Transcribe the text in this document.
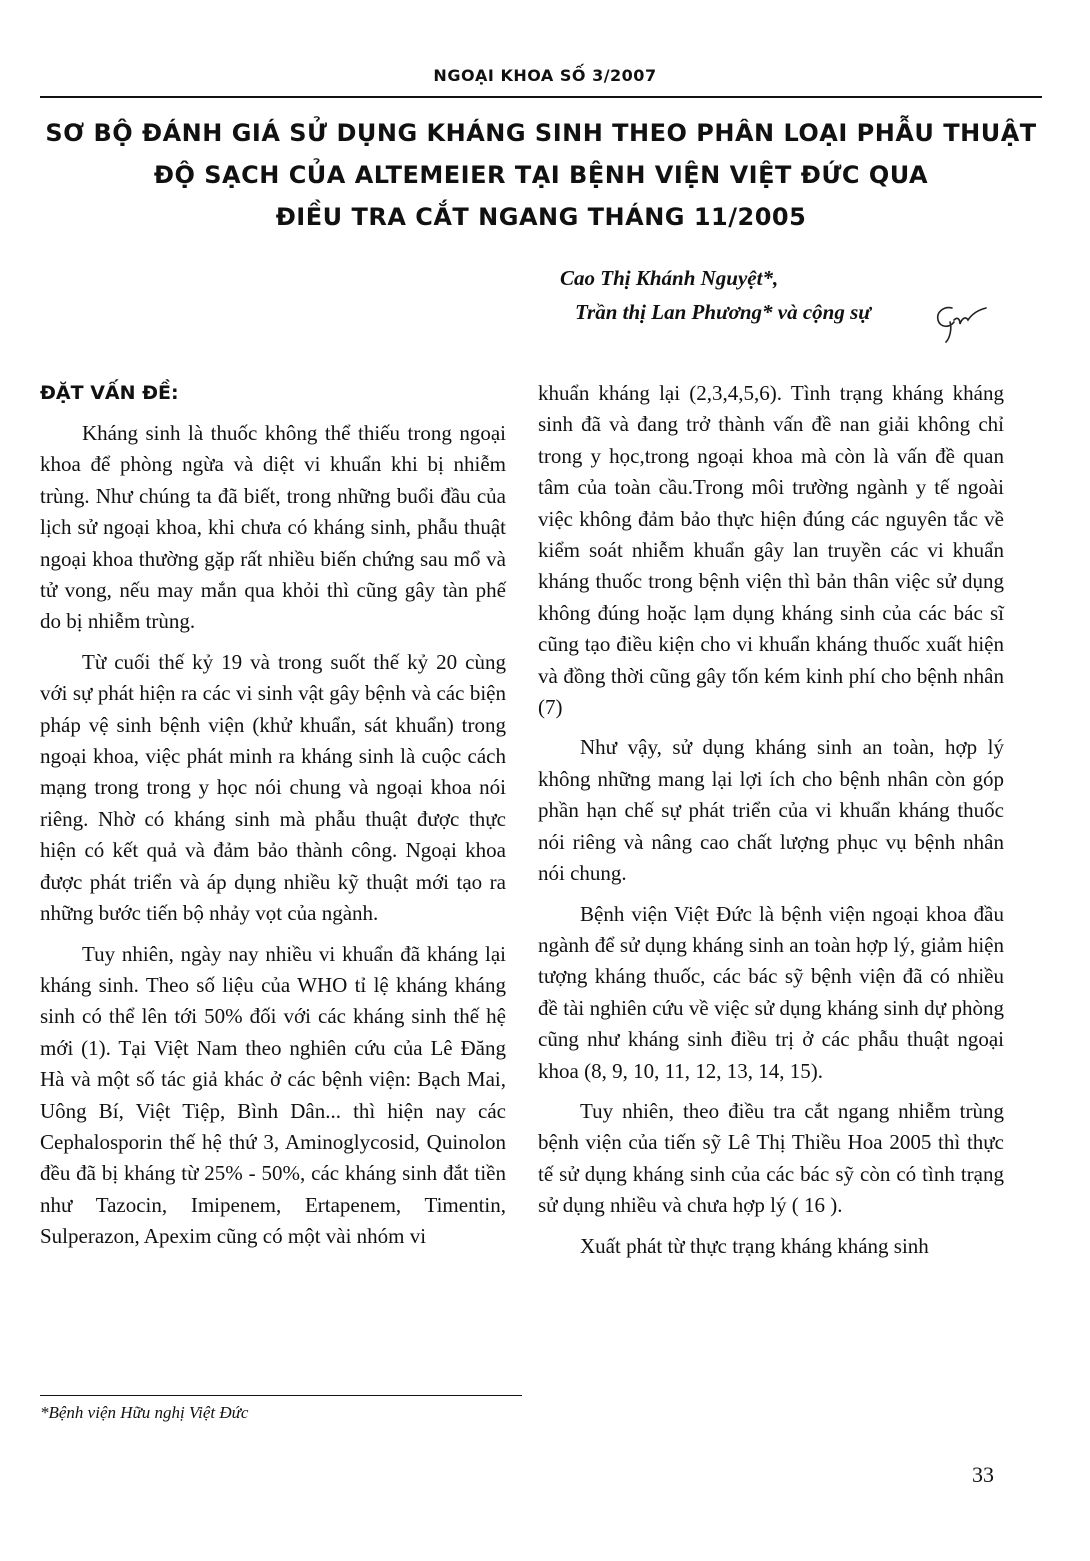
NGOẠI KHOA SỐ 3/2007
SƠ BỘ ĐÁNH GIÁ SỬ DỤNG KHÁNG SINH THEO PHÂN LOẠI PHẪU THUẬT
ĐỘ SẠCH CỦA ALTEMEIER TẠI BỆNH VIỆN VIỆT ĐỨC QUA
ĐIỀU TRA CẮT NGANG THÁNG 11/2005
Cao Thị Khánh Nguyệt*,
Trần thị Lan Phương* và cộng sự

ĐẶT VẤN ĐỀ:

Kháng sinh là thuốc không thể thiếu trong ngoại khoa để phòng ngừa và diệt vi khuẩn khi bị nhiễm trùng. Như chúng ta đã biết, trong những buổi đầu của lịch sử ngoại khoa, khi chưa có kháng sinh, phẫu thuật ngoại khoa thường gặp rất nhiều biến chứng sau mổ và tử vong, nếu may mắn qua khỏi thì cũng gây tàn phế do bị nhiễm trùng.

Từ cuối thế kỷ 19 và trong suốt thế kỷ 20 cùng với sự phát hiện ra các vi sinh vật gây bệnh và các biện pháp vệ sinh bệnh viện (khử khuẩn, sát khuẩn) trong ngoại khoa, việc phát minh ra kháng sinh là cuộc cách mạng trong trong y học nói chung và ngoại khoa nói riêng. Nhờ có kháng sinh mà phẫu thuật được thực hiện có kết quả và đảm bảo thành công. Ngoại khoa được phát triển và áp dụng nhiều kỹ thuật mới tạo ra những bước tiến bộ nhảy vọt của ngành.

Tuy nhiên, ngày nay nhiều vi khuẩn đã kháng lại kháng sinh. Theo số liệu của WHO tỉ lệ kháng kháng sinh có thể lên tới 50% đối với các kháng sinh thế hệ mới (1). Tại Việt Nam theo nghiên cứu của Lê Đăng Hà và một số tác giả khác ở các bệnh viện: Bạch Mai, Uông Bí, Việt Tiệp, Bình Dân... thì hiện nay các Cephalosporin thế hệ thứ 3, Aminoglycosid, Quinolon đều đã bị kháng từ 25% - 50%, các kháng sinh đắt tiền như Tazocin, Imipenem, Ertapenem, Timentin, Sulperazon, Apexim cũng có một vài nhóm vi

khuẩn kháng lại (2,3,4,5,6). Tình trạng kháng kháng sinh đã và đang trở thành vấn đề nan giải không chỉ trong y học,trong ngoại khoa mà còn là vấn đề quan tâm của toàn cầu.Trong môi trường ngành y tế ngoài việc không đảm bảo thực hiện đúng các nguyên tắc về kiểm soát nhiễm khuẩn gây lan truyền các vi khuẩn kháng thuốc trong bệnh viện thì bản thân việc sử dụng không đúng hoặc lạm dụng kháng sinh của các bác sĩ cũng tạo điều kiện cho vi khuẩn kháng thuốc xuất hiện và đồng thời cũng gây tốn kém kinh phí cho bệnh nhân (7)

Như vậy, sử dụng kháng sinh an toàn, hợp lý không những mang lại lợi ích cho bệnh nhân còn góp phần hạn chế sự phát triển của vi khuẩn kháng thuốc nói riêng và nâng cao chất lượng phục vụ bệnh nhân nói chung.

Bệnh viện Việt Đức là bệnh viện ngoại khoa đầu ngành để sử dụng kháng sinh an toàn hợp lý, giảm hiện tượng kháng thuốc, các bác sỹ bệnh viện đã có nhiều đề tài nghiên cứu về việc sử dụng kháng sinh dự phòng cũng như kháng sinh điều trị ở các phẫu thuật ngoại khoa (8, 9, 10, 11, 12, 13, 14, 15).

Tuy nhiên, theo điều tra cắt ngang nhiễm trùng bệnh viện của tiến sỹ Lê Thị Thiều Hoa 2005 thì thực tế sử dụng kháng sinh của các bác sỹ còn có tình trạng sử dụng nhiều và chưa hợp lý ( 16 ).

Xuất phát từ thực trạng kháng kháng sinh

*Bệnh viện Hữu nghị Việt Đức
33
